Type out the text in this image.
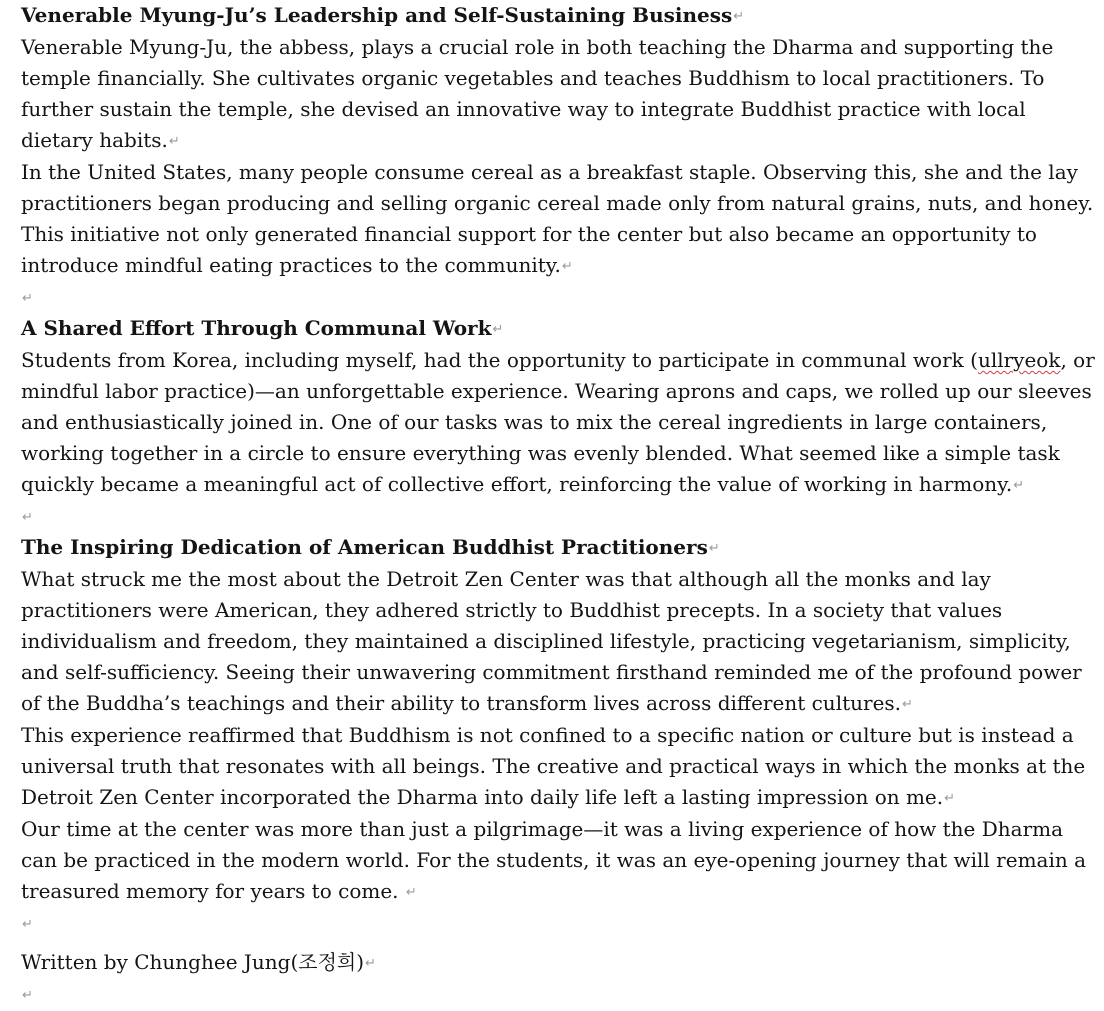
Venerable Myung-Ju’s Leadership and Self-Sustaining Business↵

Venerable Myung-Ju, the abbess, plays a crucial role in both teaching the Dharma and supporting the temple financially. She cultivates organic vegetables and teaches Buddhism to local practitioners. To further sustain the temple, she devised an innovative way to integrate Buddhist practice with local dietary habits.↵

In the United States, many people consume cereal as a breakfast staple. Observing this, she and the lay practitioners began producing and selling organic cereal made only from natural grains, nuts, and honey. This initiative not only generated financial support for the center but also became an opportunity to introduce mindful eating practices to the community.↵

↵

A Shared Effort Through Communal Work↵

Students from Korea, including myself, had the opportunity to participate in communal work (ullryeok, or mindful labor practice)—an unforgettable experience. Wearing aprons and caps, we rolled up our sleeves and enthusiastically joined in. One of our tasks was to mix the cereal ingredients in large containers, working together in a circle to ensure everything was evenly blended. What seemed like a simple task quickly became a meaningful act of collective effort, reinforcing the value of working in harmony.↵

↵

The Inspiring Dedication of American Buddhist Practitioners↵

What struck me the most about the Detroit Zen Center was that although all the monks and lay practitioners were American, they adhered strictly to Buddhist precepts. In a society that values individualism and freedom, they maintained a disciplined lifestyle, practicing vegetarianism, simplicity, and self-sufficiency. Seeing their unwavering commitment firsthand reminded me of the profound power of the Buddha’s teachings and their ability to transform lives across different cultures.↵

This experience reaffirmed that Buddhism is not confined to a specific nation or culture but is instead a universal truth that resonates with all beings. The creative and practical ways in which the monks at the Detroit Zen Center incorporated the Dharma into daily life left a lasting impression on me.↵

Our time at the center was more than just a pilgrimage—it was a living experience of how the Dharma can be practiced in the modern world. For the students, it was an eye-opening journey that will remain a treasured memory for years to come. ↵

↵

Written by Chunghee Jung(조정희)↵

↵
